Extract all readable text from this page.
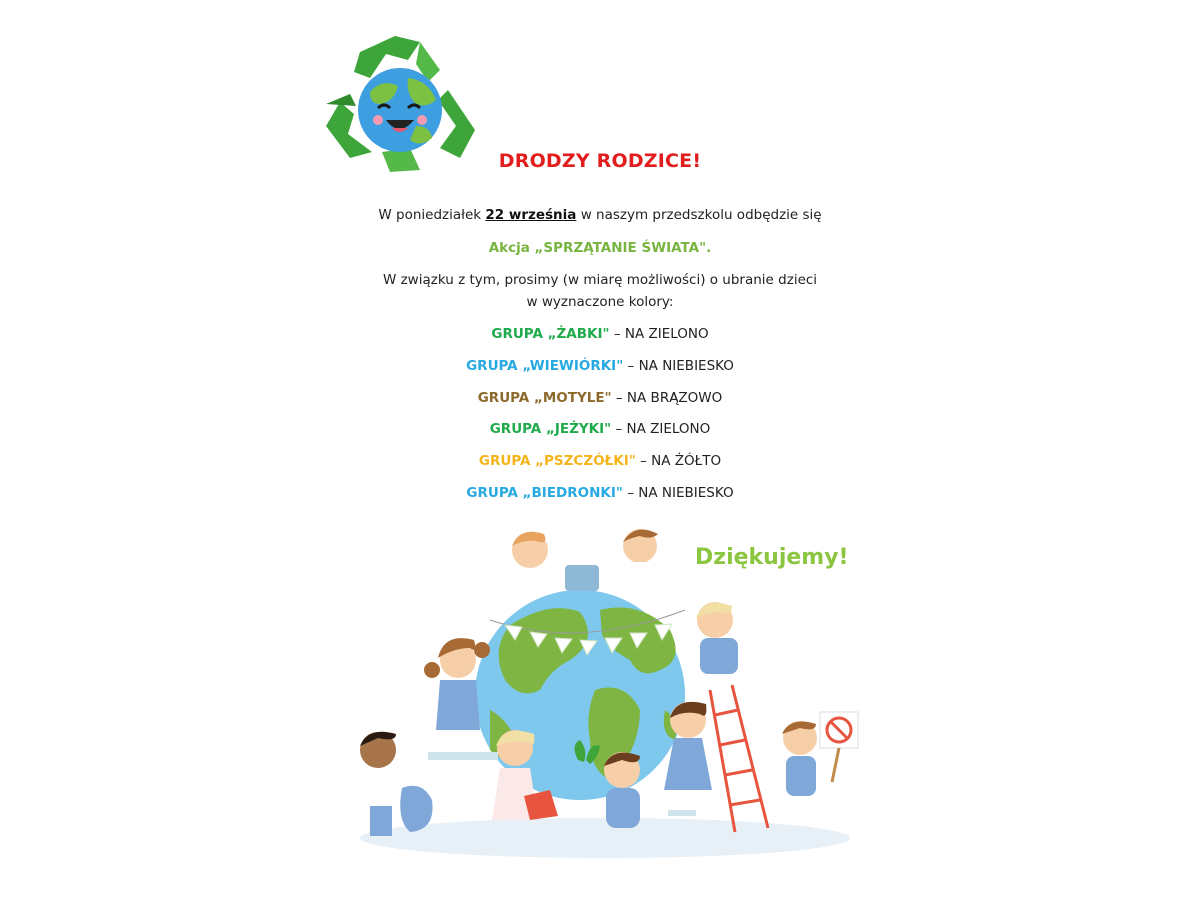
DRODZY RODZICE!
W poniedziałek 22 września w naszym przedszkolu odbędzie się
Akcja „SPRZĄTANIE ŚWIATA".
W związku z tym, prosimy (w miarę możliwości) o ubranie dzieci
w wyznaczone kolory:
GRUPA „ŻABKI" – NA ZIELONO
GRUPA „WIEWIÓRKI" – NA NIEBIESKO
GRUPA „MOTYLE" – NA BRĄZOWO
GRUPA „JEŻYKI" – NA ZIELONO
GRUPA „PSZCZÓŁKI" – NA ŻÓŁTO
GRUPA „BIEDRONKI" – NA NIEBIESKO
Dziękujemy!
